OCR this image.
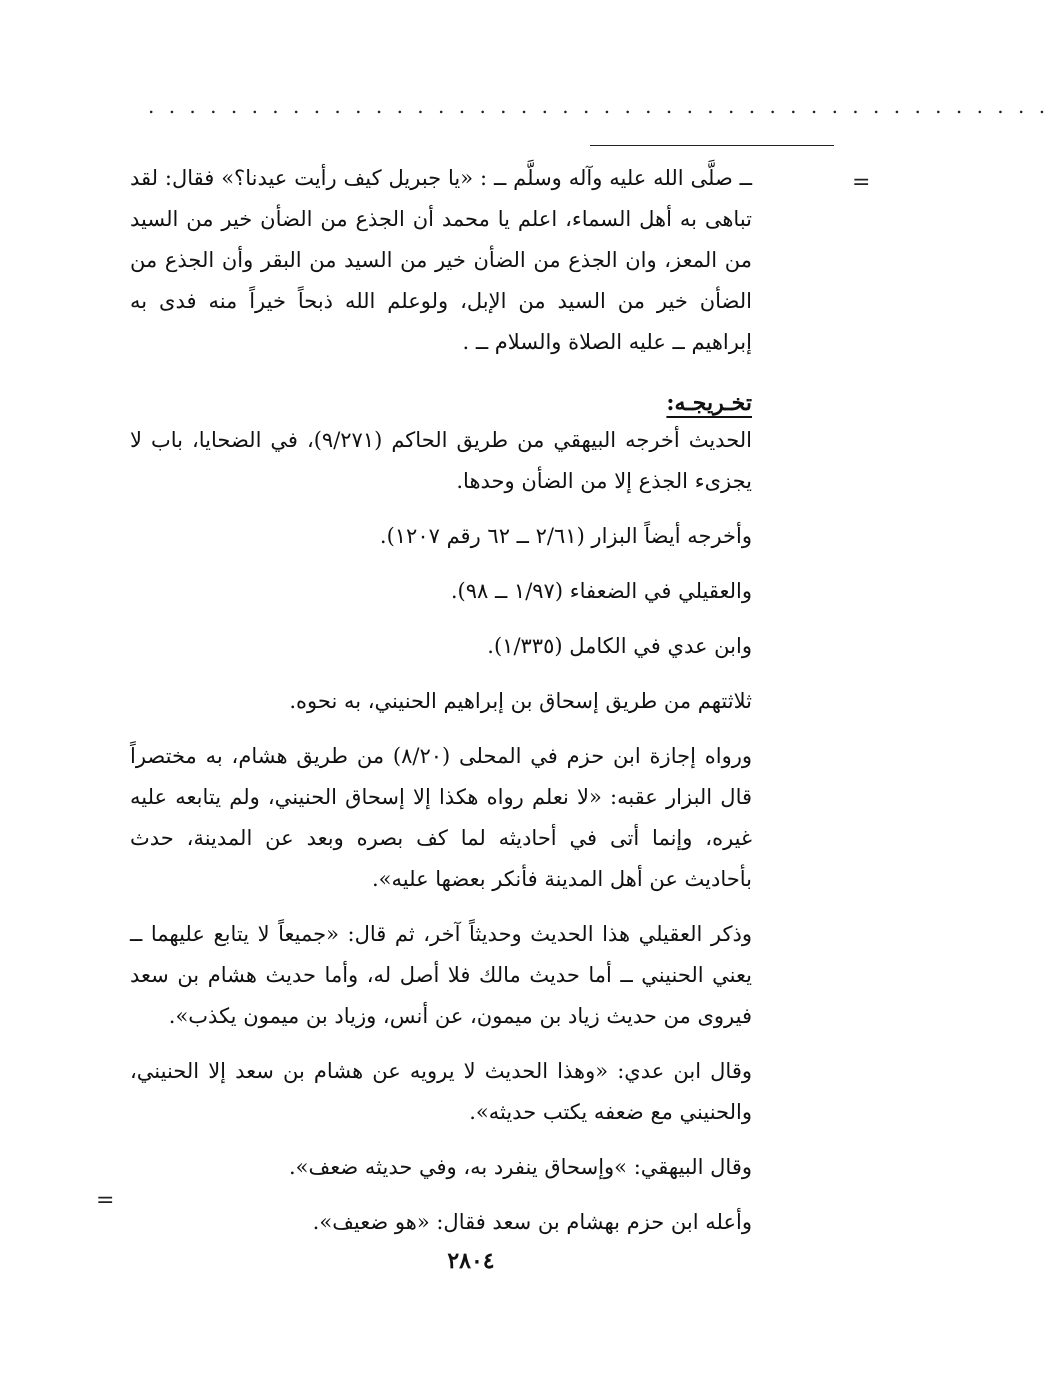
. . . . . . . . . . . . . . . . . . . . . . . . . . . . . . . . . . . . . . . . . . . .
=
=

ــ صلَّى الله عليه وآله وسلَّم ــ : «يا جبريل كيف رأيت عيدنا؟» فقال: لقد تباهى به أهل السماء، اعلم يا محمد أن الجذع من الضأن خير من السيد من المعز، وان الجذع من الضأن خير من السيد من البقر وأن الجذع من الضأن خير من السيد من الإبل، ولوعلم الله ذبحاً خيراً منه فدى به إبراهيم ــ عليه الصلاة والسلام ــ .

تخـريجـه:

الحديث أخرجه البيهقي من طريق الحاكم (٩/٢٧١)، في الضحايا، باب لا يجزىء الجذع إلا من الضأن وحدها.

وأخرجه أيضاً البزار (٢/٦١ ــ ٦٢ رقم ١٢٠٧).

والعقيلي في الضعفاء (١/٩٧ ــ ٩٨).

وابن عدي في الكامل (١/٣٣٥).

ثلاثتهم من طريق إسحاق بن إبراهيم الحنيني، به نحوه.

ورواه إجازة ابن حزم في المحلى (٨/٢٠) من طريق هشام، به مختصراً قال البزار عقبه: «لا نعلم رواه هكذا إلا إسحاق الحنيني، ولم يتابعه عليه غيره، وإنما أتى في أحاديثه لما كف بصره وبعد عن المدينة، حدث بأحاديث عن أهل المدينة فأنكر بعضها عليه».

وذكر العقيلي هذا الحديث وحديثاً آخر، ثم قال: «جميعاً لا يتابع عليهما ــ يعني الحنيني ــ أما حديث مالك فلا أصل له، وأما حديث هشام بن سعد فيروى من حديث زياد بن ميمون، عن أنس، وزياد بن ميمون يكذب».

وقال ابن عدي: «وهذا الحديث لا يرويه عن هشام بن سعد إلا الحنيني، والحنيني مع ضعفه يكتب حديثه».

وقال البيهقي: »وإسحاق ينفرد به، وفي حديثه ضعف».

وأعله ابن حزم بهشام بن سعد فقال: «هو ضعيف».

٢٨٠٤
